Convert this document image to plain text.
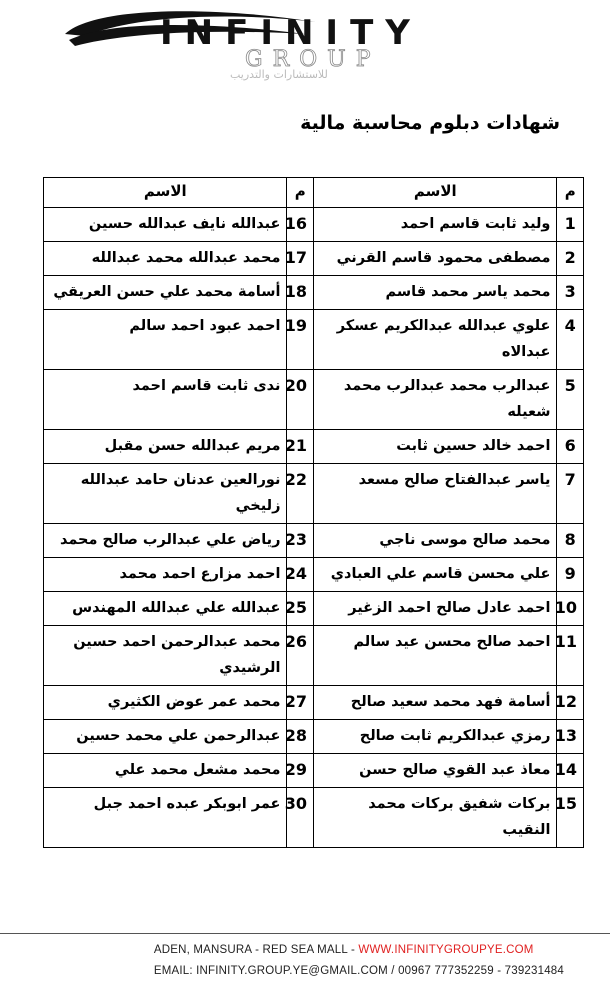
INFINITY
GROUP
للاستشارات والتدريب
شهادات دبلوم محاسبة مالية
م	الاسم	م	الاسم
1	وليد ثابت قاسم احمد	16	عبدالله نايف عبدالله حسين
2	مصطفى محمود قاسم القرني	17	محمد عبدالله محمد عبدالله
3	محمد ياسر محمد قاسم	18	أسامة محمد علي حسن العريقي
4	علوي عبدالله عبدالكريم عسكر عبدالاه	19	احمد عبود احمد سالم
5	عبدالرب محمد عبدالرب محمد شعيله	20	ندى ثابت قاسم احمد
6	احمد خالد حسين ثابت	21	مريم عبدالله حسن مقبل
7	ياسر عبدالفتاح صالح مسعد	22	نورالعين عدنان حامد عبدالله زليخي
8	محمد صالح موسى ناجي	23	رياض علي عبدالرب صالح محمد
9	علي محسن قاسم علي العبادي	24	احمد مزارع احمد محمد
10	احمد عادل صالح احمد الزغير	25	عبدالله علي عبدالله المهندس
11	احمد صالح محسن عيد سالم	26	محمد عبدالرحمن احمد حسين الرشيدي
12	أسامة فهد محمد سعيد صالح	27	محمد عمر عوض الكثيري
13	رمزي عبدالكريم ثابت صالح	28	عبدالرحمن علي محمد حسين
14	معاذ عبد القوي صالح حسن	29	محمد مشعل محمد علي
15	بركات شفيق بركات محمد النقيب	30	عمر ابوبكر عبده احمد جبل
ADEN, MANSURA - RED SEA MALL - WWW.INFINITYGROUPYE.COM
EMAIL: INFINITY.GROUP.YE@GMAIL.COM / 00967 777352259 - 739231484
